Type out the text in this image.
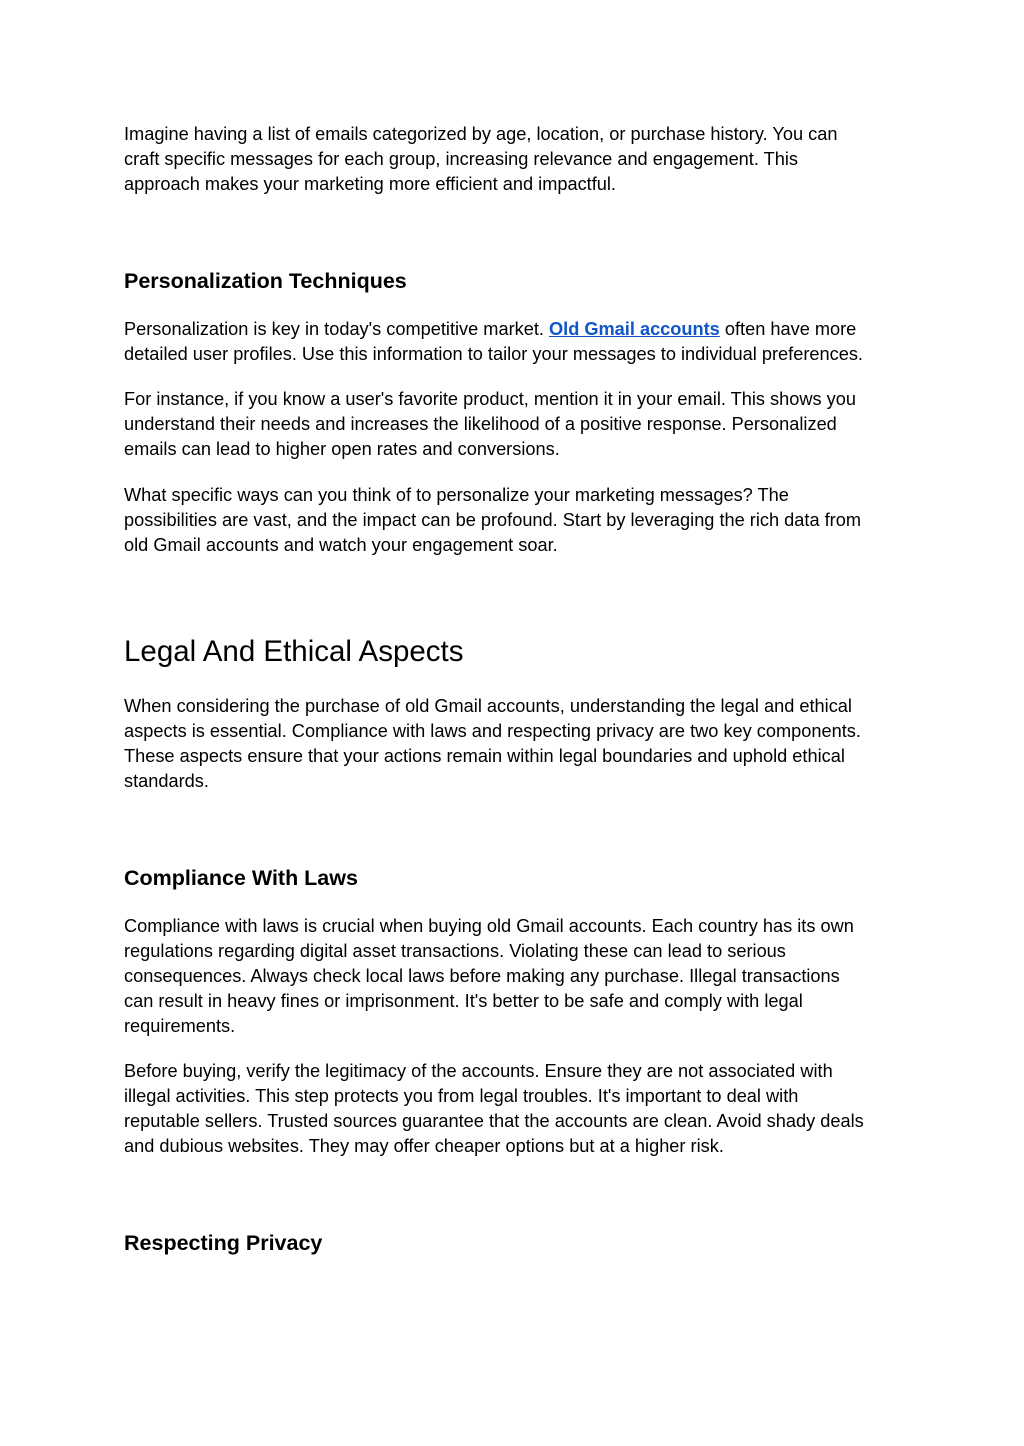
Imagine having a list of emails categorized by age, location, or purchase history. You can
craft specific messages for each group, increasing relevance and engagement. This
approach makes your marketing more efficient and impactful.

Personalization Techniques

Personalization is key in today's competitive market. Old Gmail accounts often have more
detailed user profiles. Use this information to tailor your messages to individual preferences.

For instance, if you know a user's favorite product, mention it in your email. This shows you
understand their needs and increases the likelihood of a positive response. Personalized
emails can lead to higher open rates and conversions.

What specific ways can you think of to personalize your marketing messages? The
possibilities are vast, and the impact can be profound. Start by leveraging the rich data from
old Gmail accounts and watch your engagement soar.

Legal And Ethical Aspects

When considering the purchase of old Gmail accounts, understanding the legal and ethical
aspects is essential. Compliance with laws and respecting privacy are two key components.
These aspects ensure that your actions remain within legal boundaries and uphold ethical
standards.

Compliance With Laws

Compliance with laws is crucial when buying old Gmail accounts. Each country has its own
regulations regarding digital asset transactions. Violating these can lead to serious
consequences. Always check local laws before making any purchase. Illegal transactions
can result in heavy fines or imprisonment. It's better to be safe and comply with legal
requirements.

Before buying, verify the legitimacy of the accounts. Ensure they are not associated with
illegal activities. This step protects you from legal troubles. It's important to deal with
reputable sellers. Trusted sources guarantee that the accounts are clean. Avoid shady deals
and dubious websites. They may offer cheaper options but at a higher risk.

Respecting Privacy
